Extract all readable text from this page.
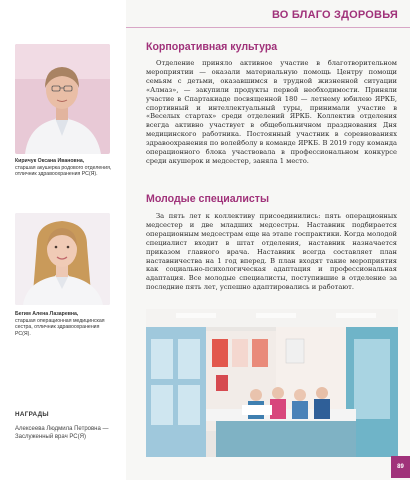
ВО БЛАГО ЗДОРОВЬЯ
Киричук Оксана Ивановна,
старшая акушерка родового отделения, отличник здравоохранения РС(Я).
Бегим Алена Лазаревна,
старшая операционная медицинская сестра, отличник здравоохранения РС(Я).
НАГРАДЫ
Алексеева Людмила Петровна — Заслуженный врач РС(Я)
Корпоративная культура

Отделение приняло активное участие в благотворительном мероприятии — оказали материальную помощь Центру помощи семьям с детьми, оказавшимся в трудной жизненной ситуации «Алмаз», — закупили продукты первой необходимости. Приняли участие в Спартакиаде посвященной 180 — летнему юбилею ЯРКБ, спортивный и интеллектуальный туры, принимали участие в «Веселых стартах» среди отделений ЯРКБ. Коллектив отделения всегда активно участвует в общебольничном празднования Дня медицинского работника. Постоянный участник в соревнованиях здравоохранения по волейболу в команде ЯРКБ. В 2019 году команда операционного блока участвовала в профессиональном конкурсе среди акушерок и медсестер, заняла 1 место.

Молодые специалисты

За пять лет к коллективу присоединились: пять операционных медсестер и две младших медсестры. Наставник подбирается операционным медсестрам еще на этапе госпрактики. Когда молодой специалист входит в штат отделения, наставник назначается приказом главного врача. Наставник всегда составляет план наставничества на 1 год вперед. В план входят такие мероприятия как социально-психологическая адаптация и профессиональная адаптация. Все молодые специалисты, поступившие в отделение за последние пять лет, успешно адаптировались и работают.

89
